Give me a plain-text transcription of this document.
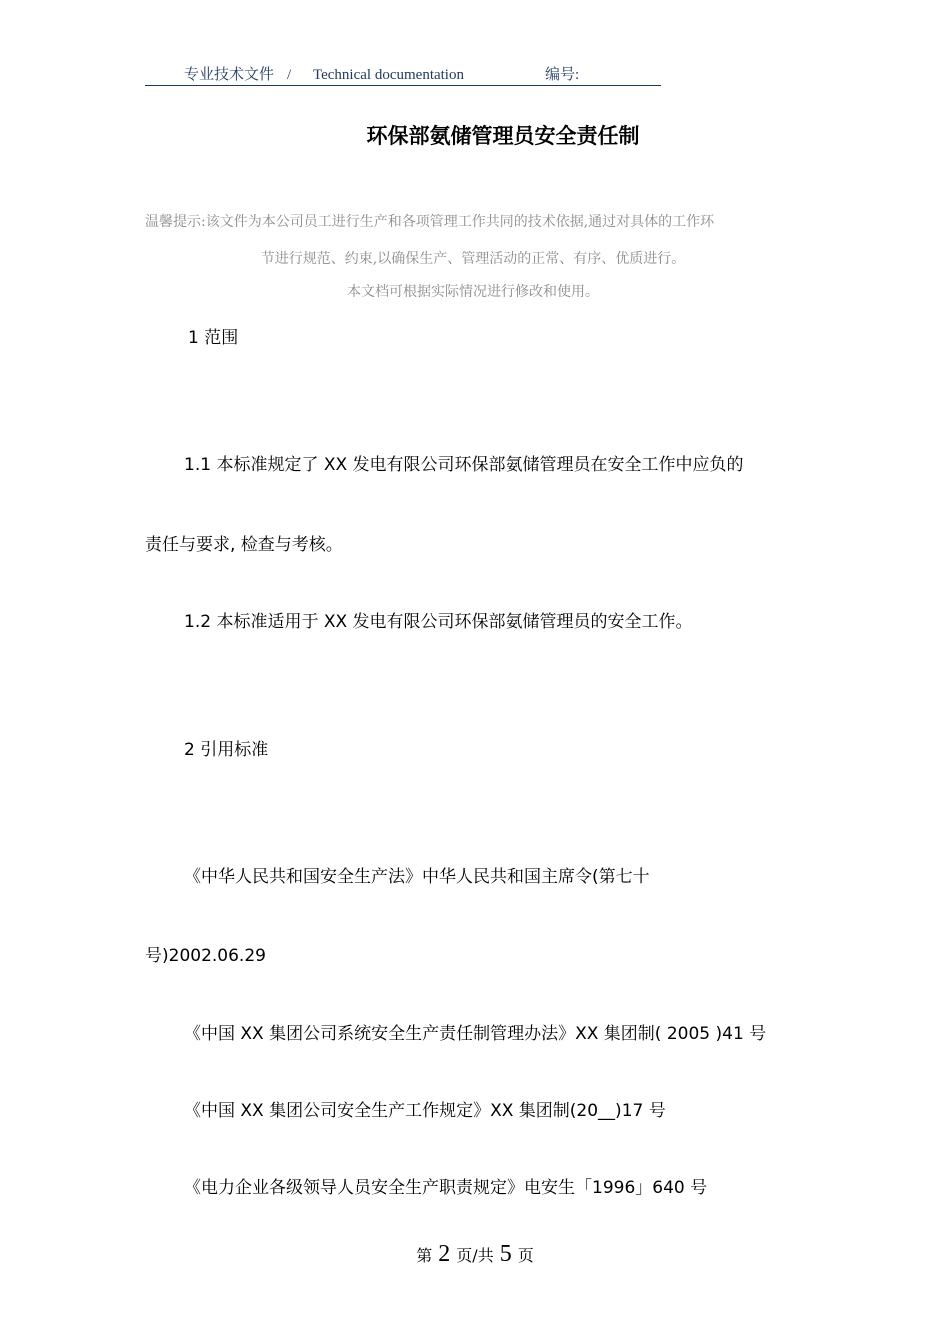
专业技术文件 / Technical documentation	编号:
环保部氨储管理员安全责任制
温馨提示:该文件为本公司员工进行生产和各项管理工作共同的技术依据,通过对具体的工作环
节进行规范、约束,以确保生产、管理活动的正常、有序、优质进行。
本文档可根据实际情况进行修改和使用。
1 范围
1.1 本标准规定了 XX 发电有限公司环保部氨储管理员在安全工作中应负的
责任与要求, 检查与考核。
1.2 本标准适用于 XX 发电有限公司环保部氨储管理员的安全工作。
2 引用标准
《中华人民共和国安全生产法》中华人民共和国主席令(第七十
号)2002.06.29
《中国 XX 集团公司系统安全生产责任制管理办法》XX 集团制( 2005 )41 号
《中国 XX 集团公司安全生产工作规定》XX 集团制(20__)17 号
《电力企业各级领导人员安全生产职责规定》电安生「1996」640 号
第 2 页/共 5 页
